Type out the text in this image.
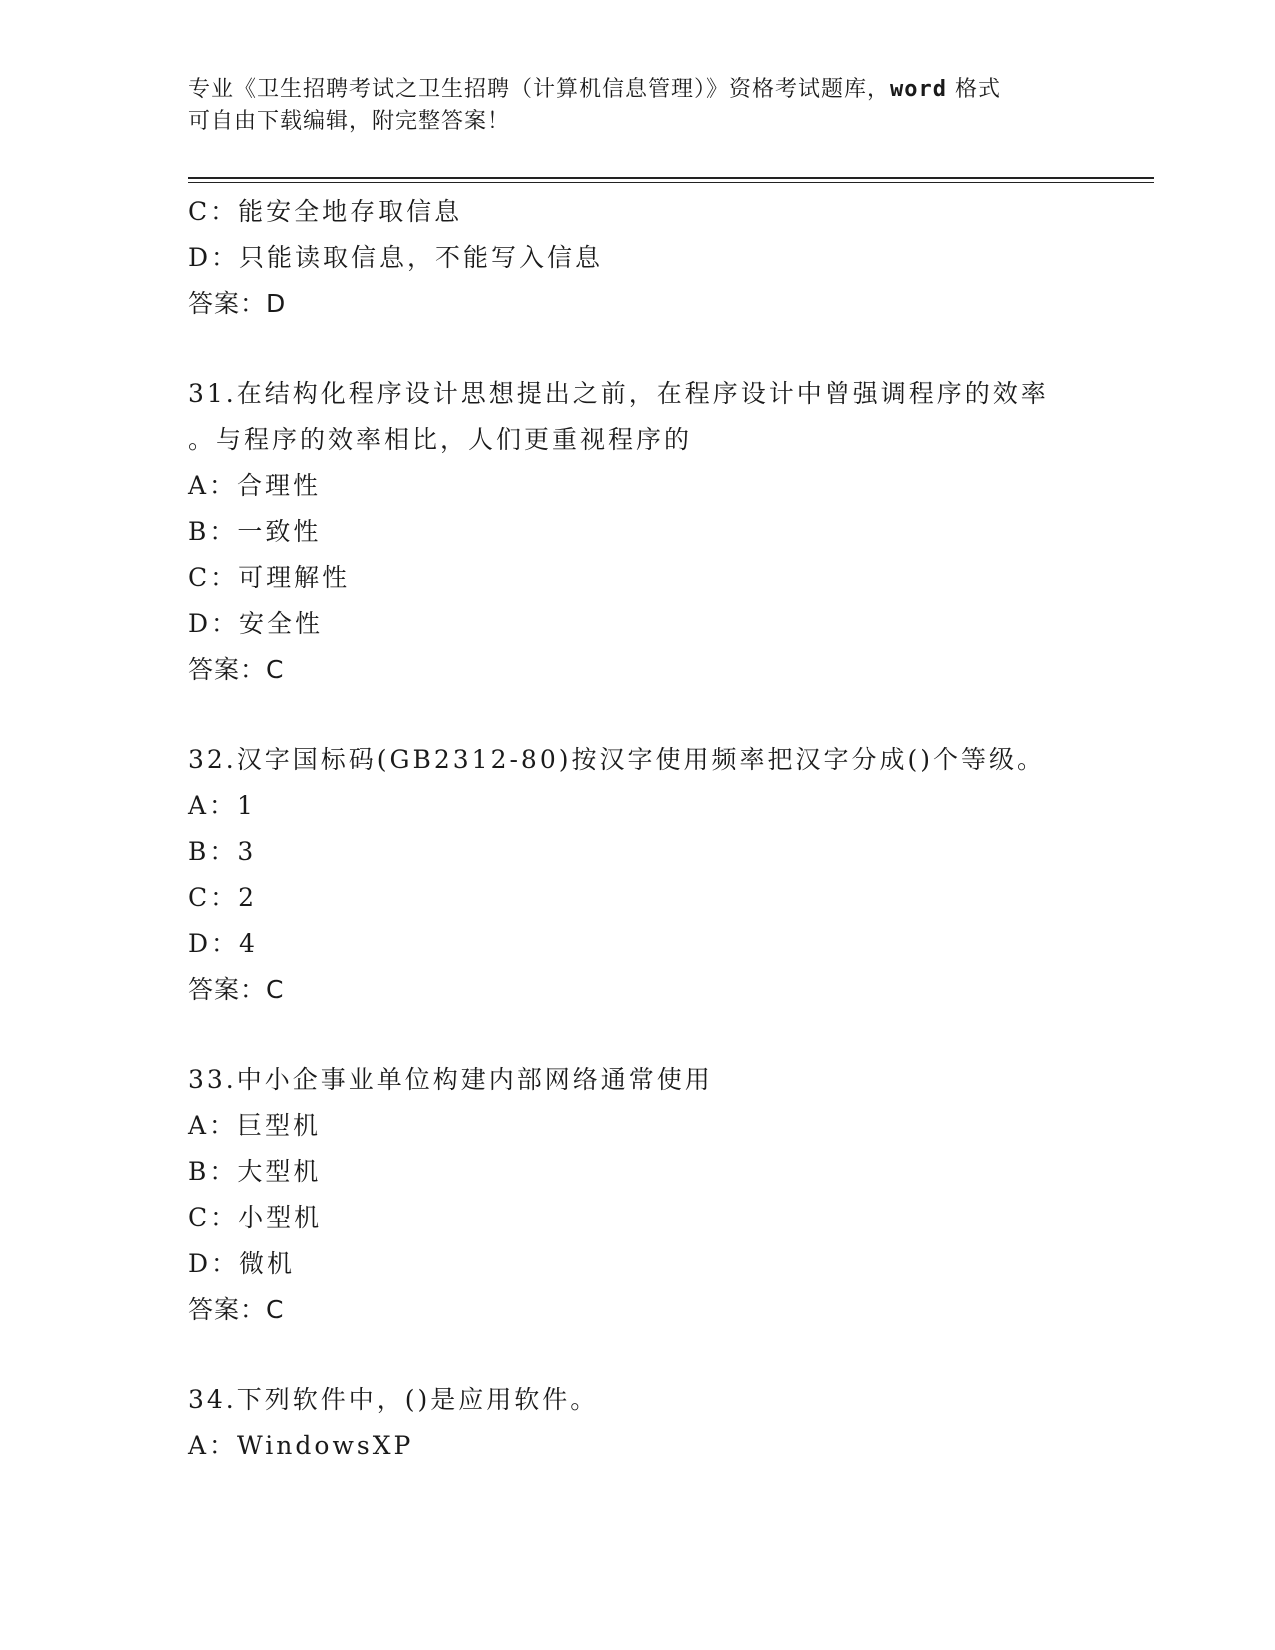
专业《卫生招聘考试之卫生招聘（计算机信息管理）》资格考试题库，word 格式
可自由下载编辑，附完整答案！
C：能安全地存取信息
D：只能读取信息，不能写入信息
答案：D
31.在结构化程序设计思想提出之前，在程序设计中曾强调程序的效率
。与程序的效率相比，人们更重视程序的
A：合理性
B：一致性
C：可理解性
D：安全性
答案：C
32.汉字国标码(GB2312-80)按汉字使用频率把汉字分成()个等级。
A：1
B：3
C：2
D：4
答案：C
33.中小企事业单位构建内部网络通常使用
A：巨型机
B：大型机
C：小型机
D：微机
答案：C
34.下列软件中，()是应用软件。
A：WindowsXP
